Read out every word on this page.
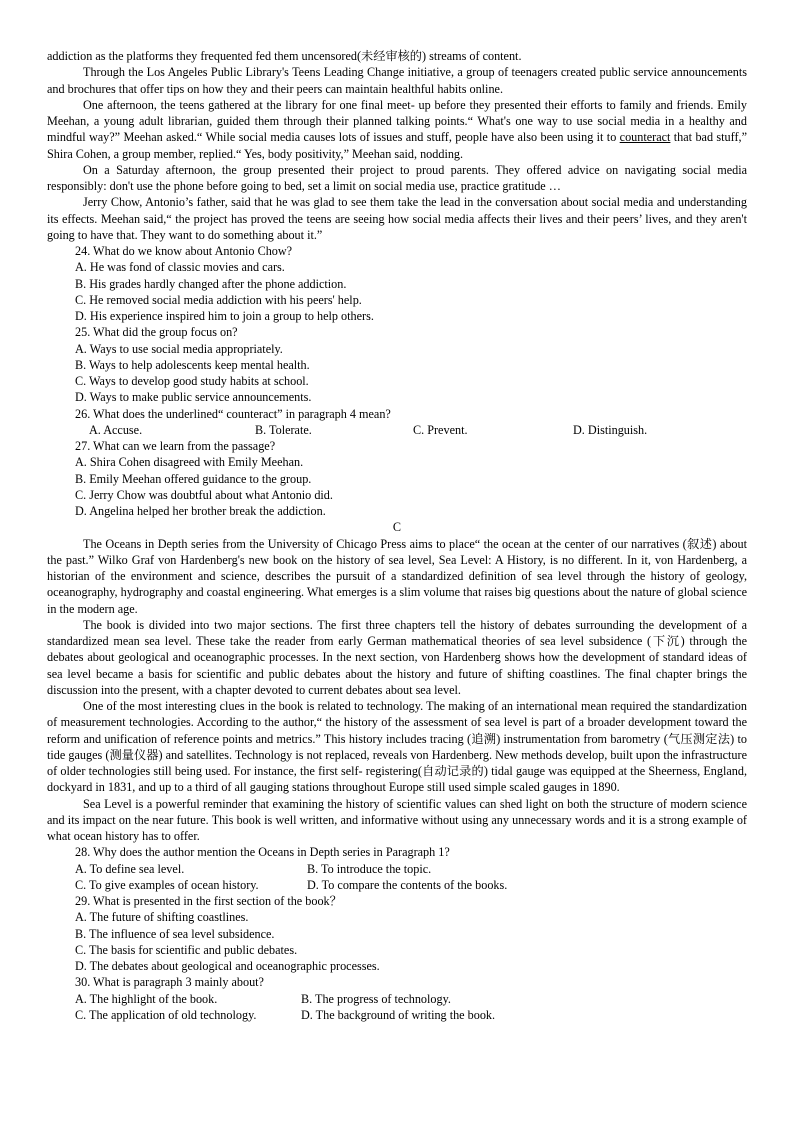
addiction as the platforms they frequented fed them uncensored(未经审核的) streams of content.

Through the Los Angeles Public Library's Teens Leading Change initiative, a group of teenagers created public service announcements and brochures that offer tips on how they and their peers can maintain healthful habits online.

One afternoon, the teens gathered at the library for one final meet- up before they presented their efforts to family and friends. Emily Meehan, a young adult librarian, guided them through their planned talking points.“ What's one way to use social media in a healthy and mindful way?” Meehan asked.“ While social media causes lots of issues and stuff, people have also been using it to counteract that bad stuff,” Shira Cohen, a group member, replied.“ Yes, body positivity,” Meehan said, nodding.

On a Saturday afternoon, the group presented their project to proud parents. They offered advice on navigating social media responsibly: don't use the phone before going to bed, set a limit on social media use, practice gratitude …

Jerry Chow, Antonio’s father, said that he was glad to see them take the lead in the conversation about social media and understanding its effects. Meehan said,“ the project has proved the teens are seeing how social media affects their lives and their peers’ lives, and they aren't going to have that. They want to do something about it.”

24. What do we know about Antonio Chow?

A. He was fond of classic movies and cars.

B. His grades hardly changed after the phone addiction.

C. He removed social media addiction with his peers' help.

D. His experience inspired him to join a group to help others.

25. What did the group focus on?

A. Ways to use social media appropriately.

B. Ways to help adolescents keep mental health.

C. Ways to develop good study habits at school.

D. Ways to make public service announcements.

26. What does the underlined“ counteract” in paragraph 4 mean?

A. Accuse.	B. Tolerate.	C. Prevent.	D. Distinguish.

27. What can we learn from the passage?

A. Shira Cohen disagreed with Emily Meehan.

B. Emily Meehan offered guidance to the group.

C. Jerry Chow was doubtful about what Antonio did.

D. Angelina helped her brother break the addiction.

C

The Oceans in Depth series from the University of Chicago Press aims to place“ the ocean at the center of our narratives (叙述) about the past.” Wilko Graf von Hardenberg's new book on the history of sea level, Sea Level: A History, is no different. In it, von Hardenberg, a historian of the environment and science, describes the pursuit of a standardized definition of sea level through the history of geology, oceanography, hydrography and coastal engineering. What emerges is a slim volume that raises big questions about the nature of global science in the modern age.

The book is divided into two major sections. The first three chapters tell the history of debates surrounding the development of a standardized mean sea level. These take the reader from early German mathematical theories of sea level subsidence (下沉) through the debates about geological and oceanographic processes. In the next section, von Hardenberg shows how the development of standard ideas of sea level became a basis for scientific and public debates about the history and future of shifting coastlines. The final chapter brings the discussion into the present, with a chapter devoted to current debates about sea level.

One of the most interesting clues in the book is related to technology. The making of an international mean required the standardization of measurement technologies. According to the author,“ the history of the assessment of sea level is part of a broader development toward the reform and unification of reference points and metrics.” This history includes tracing (追溯) instrumentation from barometry (气压测定法) to tide gauges (测量仪器) and satellites. Technology is not replaced, reveals von Hardenberg. New methods develop, built upon the infrastructure of older technologies still being used. For instance, the first self- registering(自动记录的) tidal gauge was equipped at the Sheerness, England, dockyard in 1831, and up to a third of all gauging stations throughout Europe still used simple scaled gauges in 1890.

Sea Level is a powerful reminder that examining the history of scientific values can shed light on both the structure of modern science and its impact on the near future. This book is well written, and informative without using any unnecessary words and it is a strong example of what ocean history has to offer.

28. Why does the author mention the Oceans in Depth series in Paragraph 1?

A. To define sea level.	B. To introduce the topic.

C. To give examples of ocean history.	D. To compare the contents of the books.

29. What is presented in the first section of the book？

A. The future of shifting coastlines.

B. The influence of sea level subsidence.

C. The basis for scientific and public debates.

D. The debates about geological and oceanographic processes.

30. What is paragraph 3 mainly about?

A. The highlight of the book.	B. The progress of technology.

C. The application of old technology.	D. The background of writing the book.
